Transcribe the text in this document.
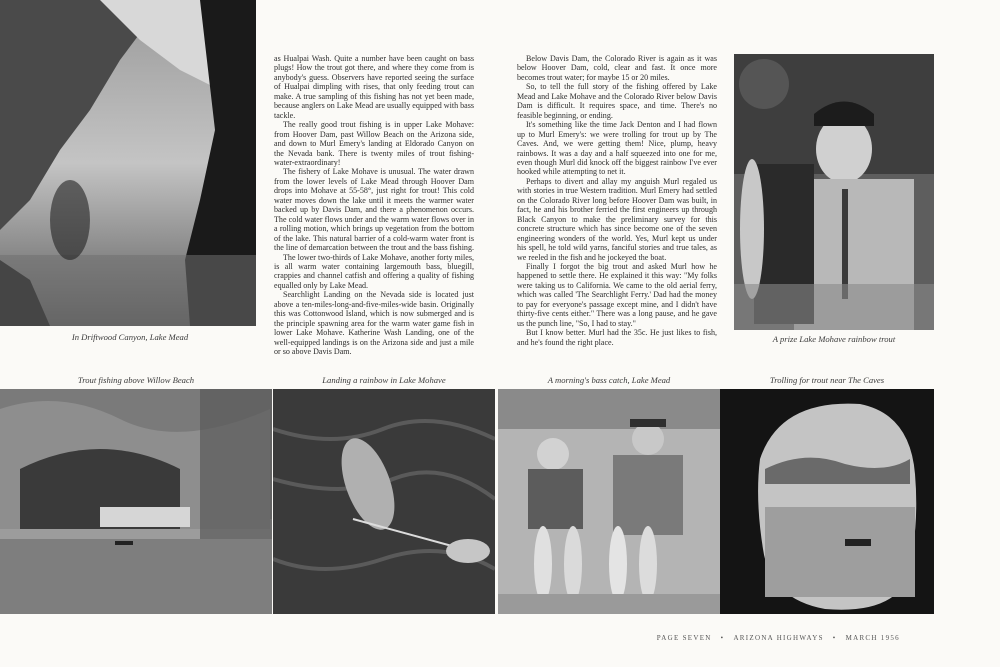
In Driftwood Canyon, Lake Mead

as Hualpai Wash. Quite a number have been caught on bass plugs! How the trout got there, and where they come from is anybody's guess. Observers have reported seeing the surface of Hualpai dimpling with rises, that only feeding trout can make. A true sampling of this fishing has not yet been made, because anglers on Lake Mead are usually equipped with bass tackle.

The really good trout fishing is in upper Lake Mohave: from Hoover Dam, past Willow Beach on the Arizona side, and down to Murl Emery's landing at Eldorado Canyon on the Nevada bank. There is twenty miles of trout fishing-water-extraordinary!

The fishery of Lake Mohave is unusual. The water drawn from the lower levels of Lake Mead through Hoover Dam drops into Mohave at 55-58°, just right for trout! This cold water moves down the lake until it meets the warmer water backed up by Davis Dam, and there a phenomenon occurs. The cold water flows under and the warm water flows over in a rolling motion, which brings up vegetation from the bottom of the lake. This natural barrier of a cold-warm water front is the line of demarcation between the trout and the bass fishing.

The lower two-thirds of Lake Mohave, another forty miles, is all warm water containing largemouth bass, bluegill, crappies and channel catfish and offering a quality of fishing equalled only by Lake Mead.

Searchlight Landing on the Nevada side is located just above a ten-miles-long-and-five-miles-wide basin. Originally this was Cottonwood Island, which is now submerged and is the principle spawning area for the warm water game fish in lower Lake Mohave. Katherine Wash Landing, one of the well-equipped landings is on the Arizona side and just a mile or so above Davis Dam.

Below Davis Dam, the Colorado River is again as it was below Hoover Dam, cold, clear and fast. It once more becomes trout water; for maybe 15 or 20 miles.

So, to tell the full story of the fishing offered by Lake Mead and Lake Mohave and the Colorado River below Davis Dam is difficult. It requires space, and time. There's no feasible beginning, or ending.

It's something like the time Jack Denton and I had flown up to Murl Emery's: we were trolling for trout up by The Caves. And, we were getting them! Nice, plump, heavy rainbows. It was a day and a half squeezed into one for me, even though Murl did knock off the biggest rainbow I've ever hooked while attempting to net it.

Perhaps to divert and allay my anguish Murl regaled us with stories in true Western tradition. Murl Emery had settled on the Colorado River long before Hoover Dam was built, in fact, he and his brother ferried the first engineers up through Black Canyon to make the preliminary survey for this concrete structure which has since become one of the seven engineering wonders of the world. Yes, Murl kept us under his spell, he told wild yarns, fanciful stories and true tales, as we reeled in the fish and he jockeyed the boat.

Finally I forgot the big trout and asked Murl how he happened to settle there. He explained it this way: "My folks were taking us to California. We came to the old aerial ferry, which was called 'The Searchlight Ferry.' Dad had the money to pay for everyone's passage except mine, and I didn't have thirty-five cents either." There was a long pause, and he gave us the punch line, "So, I had to stay."

But I know better. Murl had the 35c. He just likes to fish, and he's found the right place.	A prize Lake Mohave rainbow trout
Trout fishing above Willow Beach	Landing a rainbow in Lake Mohave	A morning's bass catch, Lake Mead	Trolling for trout near The Caves
PAGE SEVEN • ARIZONA HIGHWAYS • MARCH 1956
